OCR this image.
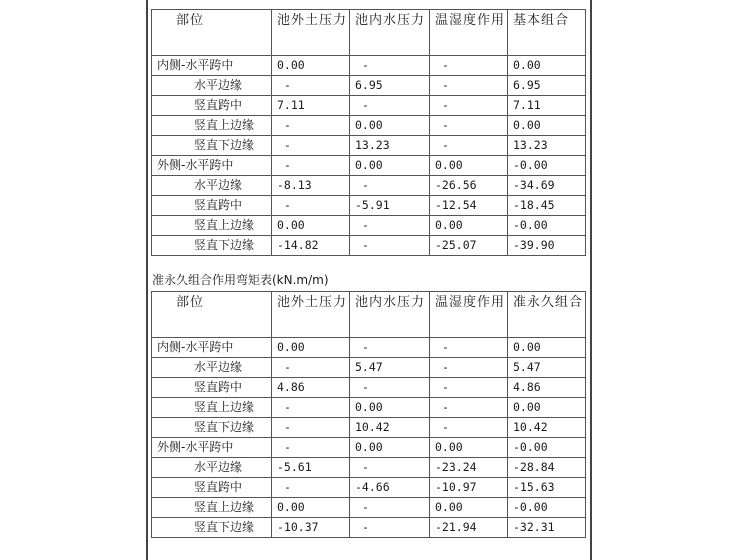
部位	池外土压力	池内水压力	温湿度作用	基本组合
内侧-水平跨中	0.00	-	-	0.00
水平边缘	-	6.95	-	6.95
竖直跨中	7.11	-	-	7.11
竖直上边缘	-	0.00	-	0.00
竖直下边缘	-	13.23	-	13.23
外侧-水平跨中	-	0.00	0.00	-0.00
水平边缘	-8.13	-	-26.56	-34.69
竖直跨中	-	-5.91	-12.54	-18.45
竖直上边缘	0.00	-	0.00	-0.00
竖直下边缘	-14.82	-	-25.07	-39.90
准永久组合作用弯矩表(kN.m/m)
部位	池外土压力	池内水压力	温湿度作用	准永久组合
内侧-水平跨中	0.00	-	-	0.00
水平边缘	-	5.47	-	5.47
竖直跨中	4.86	-	-	4.86
竖直上边缘	-	0.00	-	0.00
竖直下边缘	-	10.42	-	10.42
外侧-水平跨中	-	0.00	0.00	-0.00
水平边缘	-5.61	-	-23.24	-28.84
竖直跨中	-	-4.66	-10.97	-15.63
竖直上边缘	0.00	-	0.00	-0.00
竖直下边缘	-10.37	-	-21.94	-32.31
